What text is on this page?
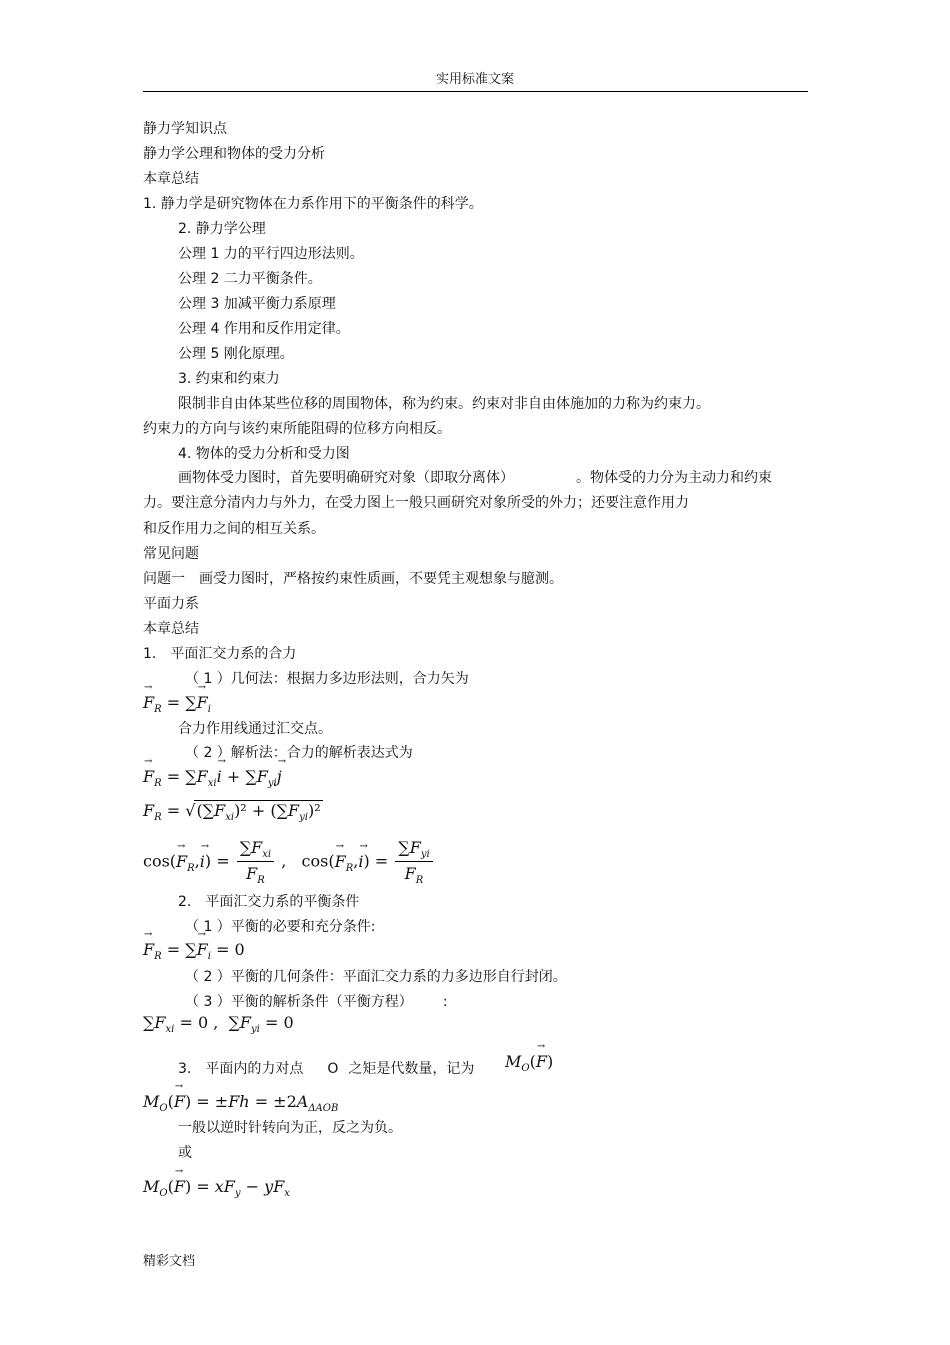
实用标准文案
静力学知识点
静力学公理和物体的受力分析
本章总结
1. 静力学是研究物体在力系作用下的平衡条件的科学。
2. 静力学公理
公理 1 力的平行四边形法则。
公理 2 二力平衡条件。
公理 3 加减平衡力系原理
公理 4 作用和反作用定律。
公理 5 刚化原理。
3. 约束和约束力
限制非自由体某些位移的周围物体，称为约束。约束对非自由体施加的力称为约束力。
约束力的方向与该约束所能阻碍的位移方向相反。
4. 物体的受力分析和受力图
画物体受力图时，首先要明确研究对象（即取分离体）	。物体受的力分为主动力和约束
力。要注意分清内力与外力，在受力图上一般只画研究对象所受的外力；还要注意作用力
和反作用力之间的相互关系。
常见问题
问题一　画受力图时，严格按约束性质画，不要凭主观想象与臆测。
平面力系
本章总结
1.　平面汇交力系的合力
（ 1 ）几何法：根据力多边形法则，合力矢为
→ $F_R$ = ∑→ $F_i$
合力作用线通过汇交点。
（ 2 ）解析法：合力的解析表达式为
→ $F_R = \sum F_{xi}\to i + \sum F_{yi}\to j$
$F_R = √(\sum F_{xi})^2 + (\sum F_{yi})^2$
$\cos(\to F_R,\to i) = \frac{\sum F_{xi}}{F_R}$ ,   $\cos(\to F_R,\to i) = \frac{\sum F_{yi}}{F_R}$
2.　平面汇交力系的平衡条件
（ 1 ）平衡的必要和充分条件:
→ $F_R$ = ∑→ $F_i = 0$
（ 2 ）平衡的几何条件：平面汇交力系的力多边形自行封闭。
（ 3 ）平衡的解析条件（平衡方程） :
$\sum F_{xi} = 0$ ,  $\sum F_{yi} = 0$
3.　平面内的力对点 O 之矩是代数量，记为 $M_O(\to F)$
$M_O(\to F) = \pm Fh = \pm 2A_{\Delta AOB}$
一般以逆时针转向为正，反之为负。
或
$M_O(\to F) = xF_y - yF_x$
精彩文档
